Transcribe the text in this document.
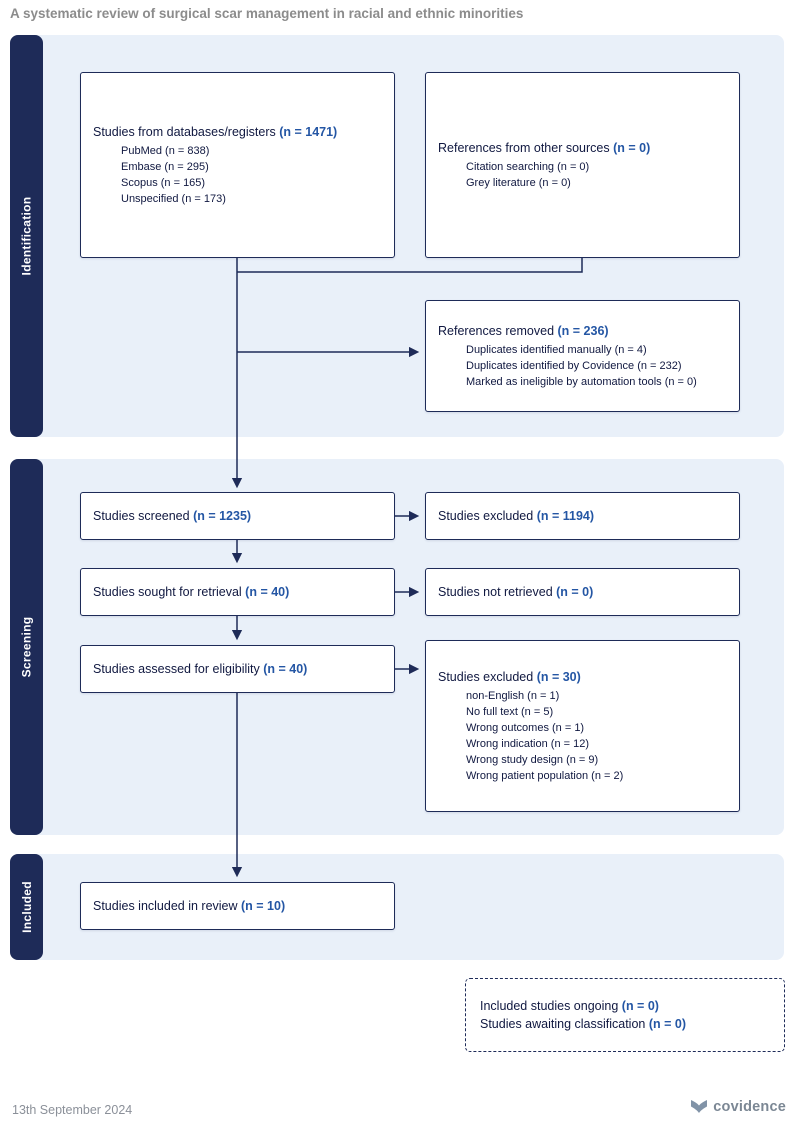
A systematic review of surgical scar management in racial and ethnic minorities
Identification
Screening
Included
Studies from databases/registers (n = 1471)
PubMed (n = 838)
Embase (n = 295)
Scopus (n = 165)
Unspecified (n = 173)
References from other sources (n = 0)
Citation searching (n = 0)
Grey literature (n = 0)
References removed (n = 236)
Duplicates identified manually (n = 4)
Duplicates identified by Covidence (n = 232)
Marked as ineligible by automation tools (n = 0)
Studies screened (n = 1235)	Studies excluded (n = 1194)
Studies sought for retrieval (n = 40)	Studies not retrieved (n = 0)
Studies assessed for eligibility (n = 40)
Studies excluded (n = 30)
non-English (n = 1)
No full text (n = 5)
Wrong outcomes (n = 1)
Wrong indication (n = 12)
Wrong study design (n = 9)
Wrong patient population (n = 2)
Studies included in review (n = 10)
Included studies ongoing (n = 0)
Studies awaiting classification (n = 0)
13th September 2024	covidence
